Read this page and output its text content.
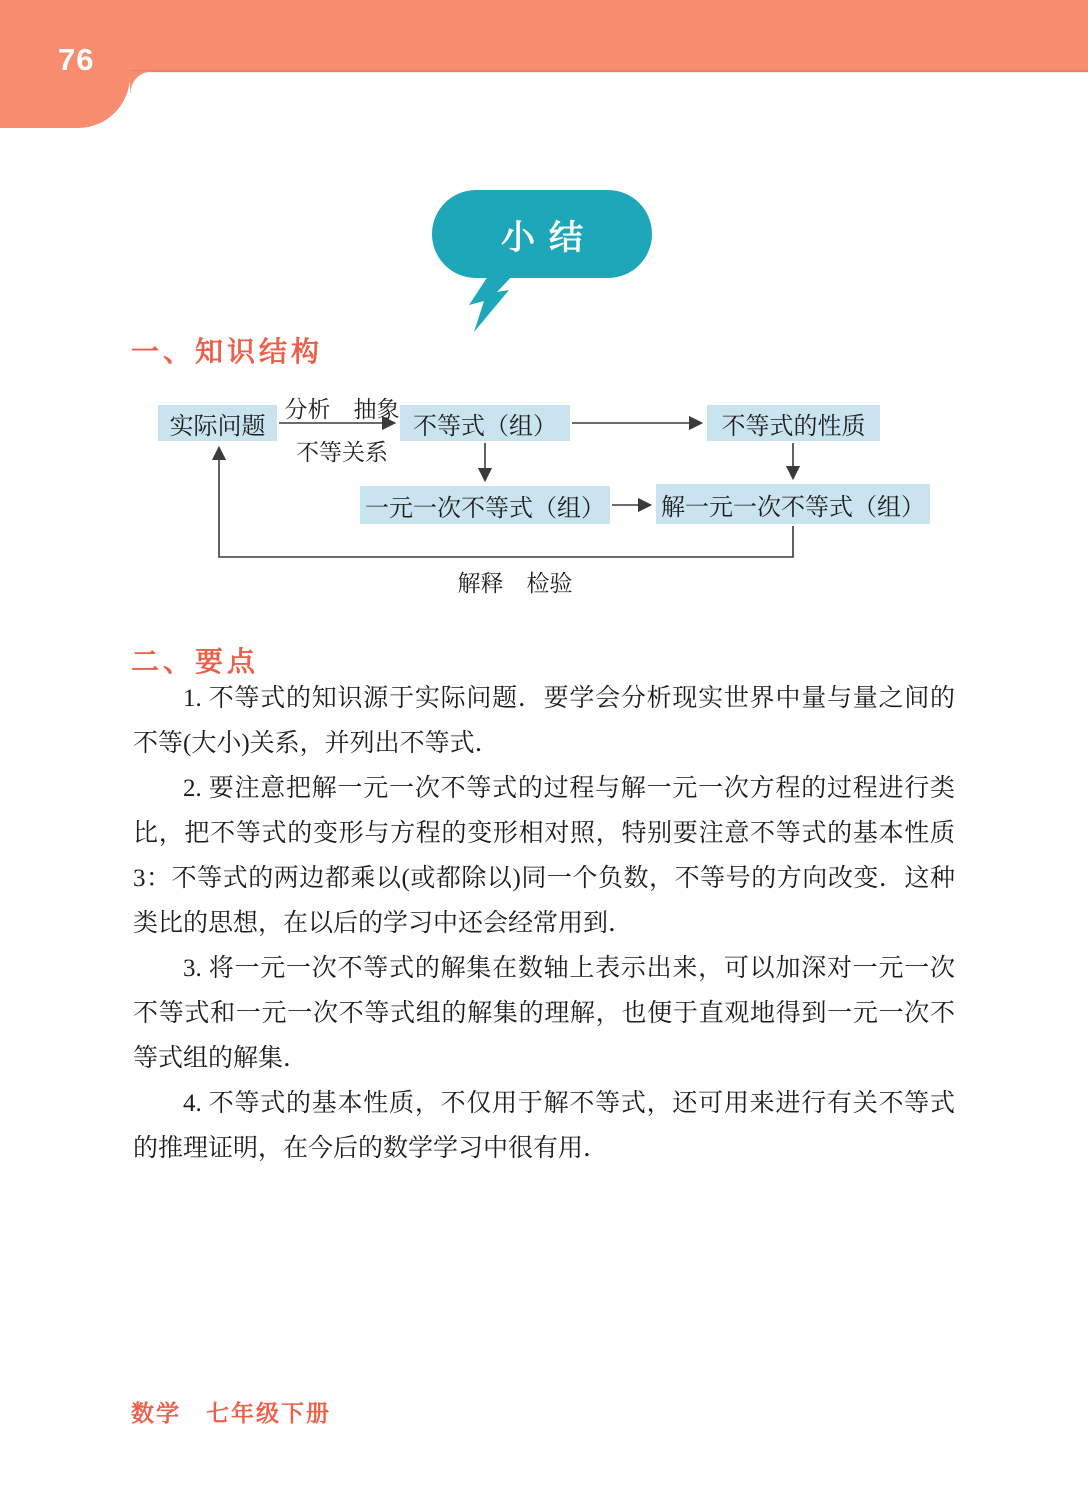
76
小结
一、知识结构
实际问题	不等式（组）	不等式的性质
一元一次不等式（组） 解一元一次不等式（组）
分析　抽象
不等关系
解释　检验
二、要点

1. 不等式的知识源于实际问题．要学会分析现实世界中量与量之间的不等(大小)关系，并列出不等式．

2. 要注意把解一元一次不等式的过程与解一元一次方程的过程进行类比，把不等式的变形与方程的变形相对照，特别要注意不等式的基本性质3：不等式的两边都乘以(或都除以)同一个负数，不等号的方向改变．这种类比的思想，在以后的学习中还会经常用到．

3. 将一元一次不等式的解集在数轴上表示出来，可以加深对一元一次不等式和一元一次不等式组的解集的理解，也便于直观地得到一元一次不等式组的解集．

4. 不等式的基本性质，不仅用于解不等式，还可用来进行有关不等式的推理证明，在今后的数学学习中很有用．

数学　七年级下册
